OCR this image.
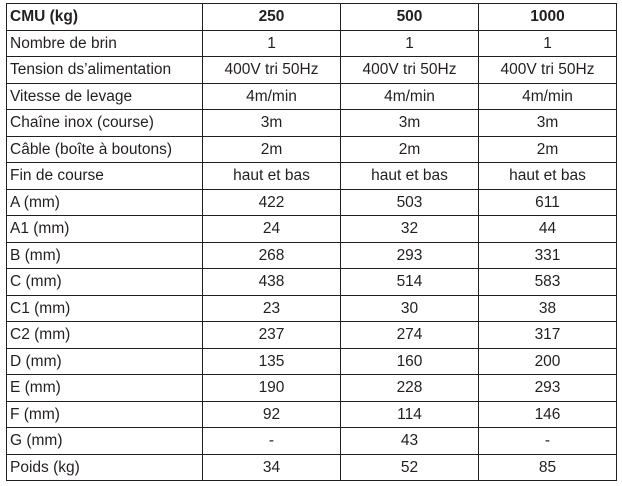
CMU (kg)	250	500	1000
Nombre de brin	1	1	1
Tension ds’alimentation	400V tri 50Hz	400V tri 50Hz	400V tri 50Hz
Vitesse de levage	4m/min	4m/min	4m/min
Chaîne inox (course)	3m	3m	3m
Câble (boîte à boutons)	2m	2m	2m
Fin de course	haut et bas	haut et bas	haut et bas
A (mm)	422	503	611
A1 (mm)	24	32	44
B (mm)	268	293	331
C (mm)	438	514	583
C1 (mm)	23	30	38
C2 (mm)	237	274	317
D (mm)	135	160	200
E (mm)	190	228	293
F (mm)	92	114	146
G (mm)	-	43	-
Poids (kg)	34	52	85
